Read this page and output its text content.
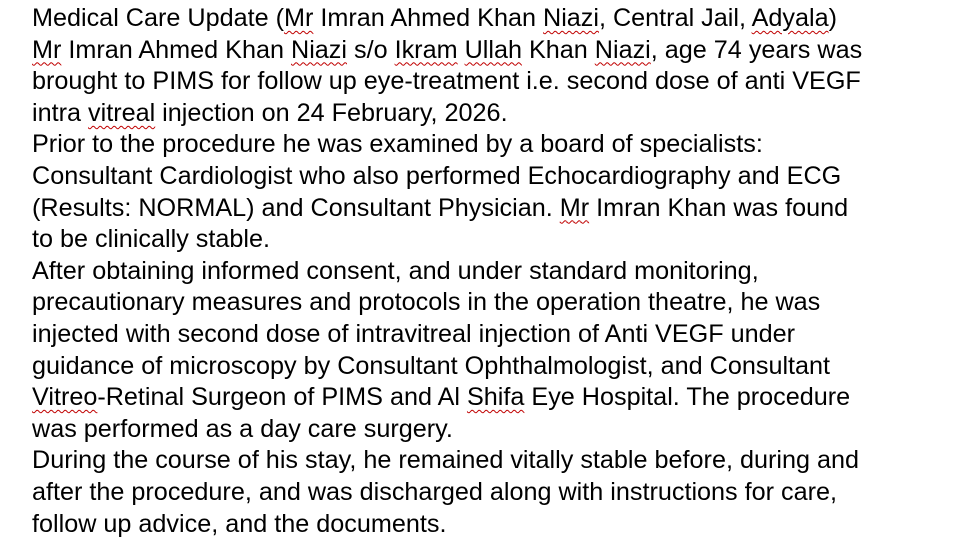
Medical Care Update (Mr Imran Ahmed Khan Niazi, Central Jail, Adyala)
Mr Imran Ahmed Khan Niazi s/o Ikram Ullah Khan Niazi, age 74 years was
brought to PIMS for follow up eye-treatment i.e. second dose of anti VEGF
intra vitreal injection on 24 February, 2026.
Prior to the procedure he was examined by a board of specialists:
Consultant Cardiologist who also performed Echocardiography and ECG
(Results: NORMAL) and Consultant Physician. Mr Imran Khan was found
to be clinically stable.
After obtaining informed consent, and under standard monitoring,
precautionary measures and protocols in the operation theatre, he was
injected with second dose of intravitreal injection of Anti VEGF under
guidance of microscopy by Consultant Ophthalmologist, and Consultant
Vitreo-Retinal Surgeon of PIMS and Al Shifa Eye Hospital. The procedure
was performed as a day care surgery.
During the course of his stay, he remained vitally stable before, during and
after the procedure, and was discharged along with instructions for care,
follow up advice, and the documents.
